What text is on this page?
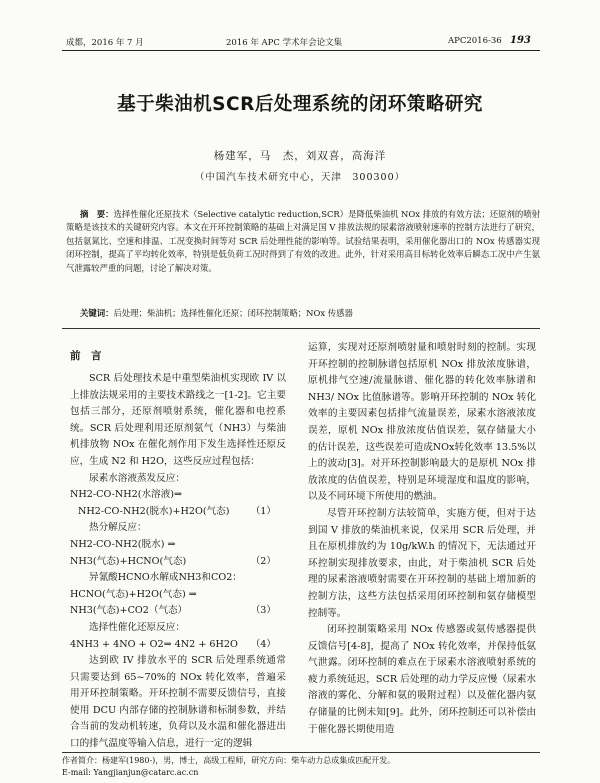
成都，2016 年 7 月	2016 年 APC 学术年会论文集	APC2016-36 193
基于柴油机SCR后处理系统的闭环策略研究
杨建军，马　杰，刘双喜，高海洋
（中国汽车技术研究中心，天津　300300）
摘　要：选择性催化还原技术（Selective catalytic reduction,SCR）是降低柴油机 NOx 排放的有效方法；还原剂的喷射策略是该技术的关键研究内容。本文在开环控制策略的基础上对满足国 V 排放法规的尿素溶液喷射速率的控制方法进行了研究，包括氨氮比、空速和排温、工况变换时间等对 SCR 后处理性能的影响等。试验结果表明，采用催化器出口的 NOx 传感器实现闭环控制，提高了平均转化效率，特别是低负荷工况时得到了有效的改进。此外，针对采用高目标转化效率后瞬态工况中产生氨气泄露较严重的问题，讨论了解决对策。
关键词：后处理；柴油机；选择性催化还原；闭环控制策略；NOx 传感器
前　言

SCR 后处理技术是中重型柴油机实现欧 IV 以上排放法规采用的主要技术路线之一[1-2]。它主要包括三部分，还原剂喷射系统，催化器和电控系统。SCR 后处理利用还原剂氨气（NH3）与柴油机排放物 NOx 在催化剂作用下发生选择性还原反应，生成 N2 和 H2O，这些反应过程包括：

尿素水溶液蒸发反应：

NH2-CO-NH2(水溶液)⇒

NH2-CO-NH2(脱水)+H2O(气态) （1）

热分解反应：

NH2-CO-NH2(脱水) ⇒

NH3(气态)+HCNO(气态)	（2）

异氰酸HCNO水解成NH3和CO2：

HCNO(气态)+H2O(气态) ⇒

NH3(气态)+CO2（气态）	（3）

选择性催化还原反应：

4NH3 + 4NO + O2⇒ 4N2 + 6H2O （4）

达到欧 IV 排放水平的 SCR 后处理系统通常只需要达到 65~70%的 NOx 转化效率，普遍采用开环控制策略。开环控制不需要反馈信号，直接使用 DCU 内部存储的控制脉谱和标制参数，并结合当前的发动机转速，负荷以及水温和催化器进出口的排气温度等输入信息，进行一定的逻辑

运算，实现对还原剂喷射量和喷射时刻的控制。实现开环控制的控制脉谱包括原机 NOx 排放浓度脉谱，原机排气空速/流量脉谱、催化器的转化效率脉谱和 NH3/ NOx 比值脉谱等。影响开环控制的 NOx 转化效率的主要因素包括排气流量误差，尿素水溶液浓度误差，原机 NOx 排放浓度估值误差，氨存储量大小的估计误差，这些误差可造成NOx转化效率 13.5%以上的波动[3]。对开环控制影响最大的是原机 NOx 排放浓度的估值误差，特别是环境湿度和温度的影响，以及不同环境下所使用的燃油。

尽管开环控制方法较简单，实施方便，但对于达到国 V 排放的柴油机来说，仅采用 SCR 后处理，并且在原机排放约为 10g/kW.h 的情况下，无法通过开环控制实现排放要求，由此，对于柴油机 SCR 后处理的尿素溶液喷射需要在开环控制的基础上增加新的控制方法，这些方法包括采用闭环控制和氨存储模型控制等。

闭环控制策略采用 NOx 传感器或氨传感器提供反馈信号[4-8]，提高了 NOx 转化效率，并保持低氨气泄露。闭环控制的难点在于尿素水溶液喷射系统的疲力系统延迟，SCR 后处理的动力学反应慢（尿素水溶液的雾化、分解和氨的吸附过程）以及催化器内氨存储量的比例未知[9]。此外，闭环控制还可以补偿由于催化器长期使用造

作者简介：杨建军(1980-)，男，博士，高级工程师，研究方向：柴车动力总成集成匹配开发。
E-mail: Yangjianjun@catarc.ac.cn
